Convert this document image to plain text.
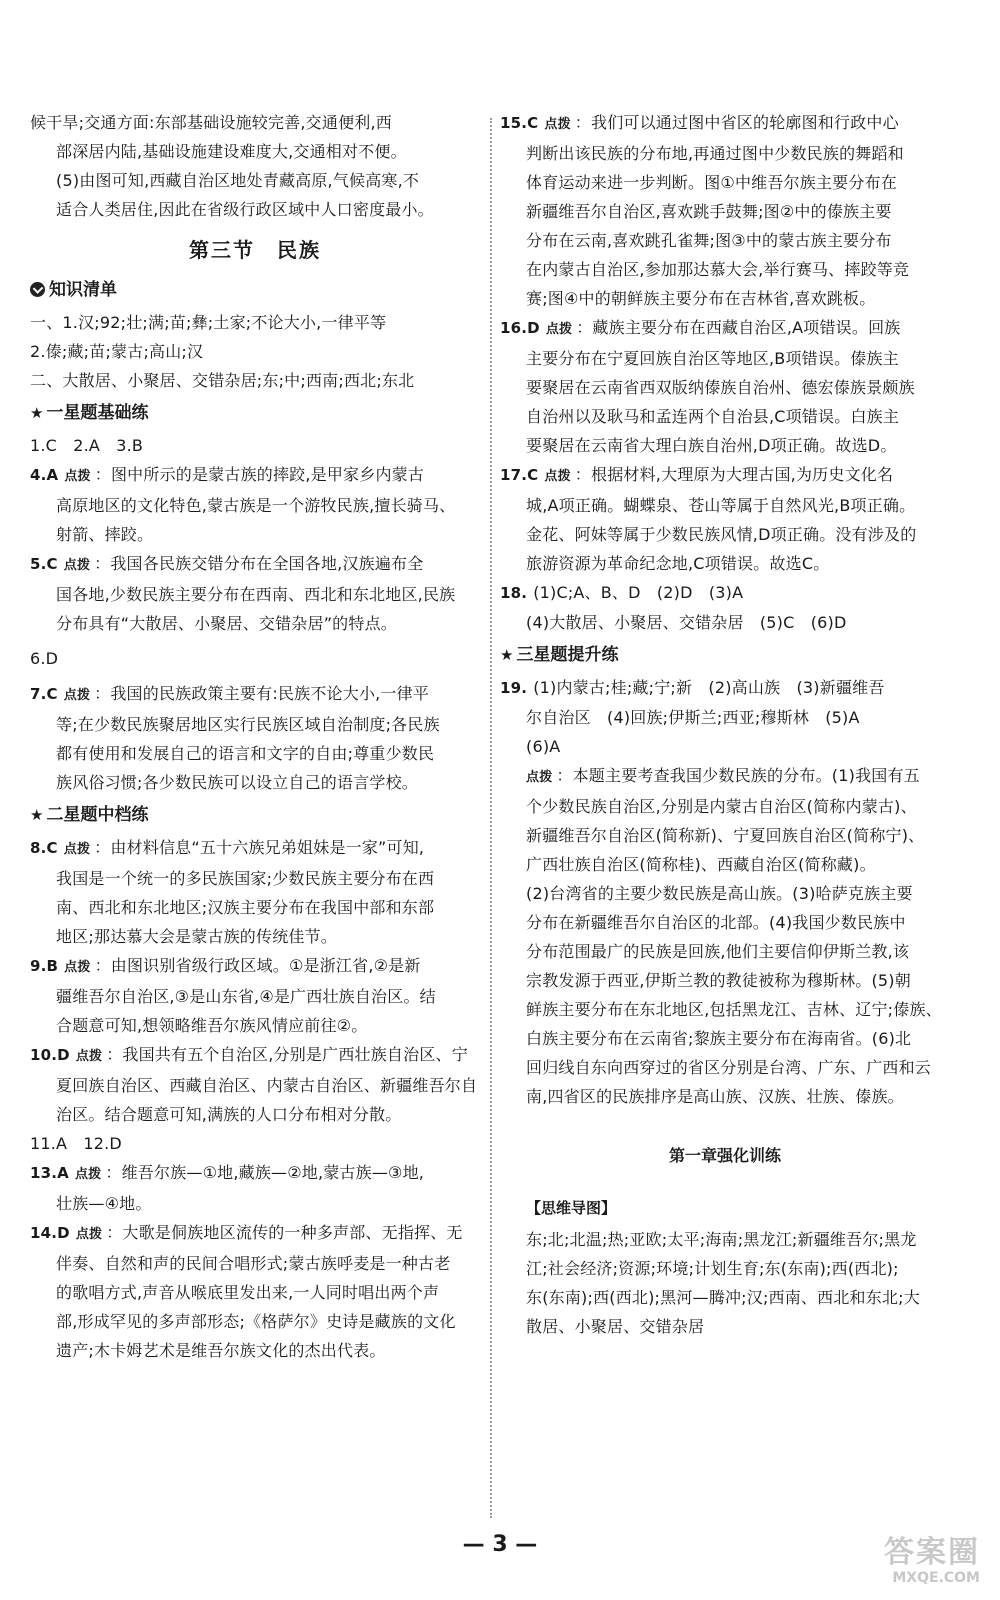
候干旱;交通方面:东部基础设施较完善,交通便利,西

部深居内陆,基础设施建设难度大,交通相对不便。

(5)由图可知,西藏自治区地处青藏高原,气候高寒,不

适合人类居住,因此在省级行政区域中人口密度最小。

第三节　民族
知识清单

一、1.汉;92;壮;满;苗;彝;土家;不论大小,一律平等

2.傣;藏;苗;蒙古;高山;汉

二、大散居、小聚居、交错杂居;东;中;西南;西北;东北

★ 一星题基础练

1.C　2.A　3.B

4.A 点拨 ：图中所示的是蒙古族的摔跤,是甲家乡内蒙古

高原地区的文化特色,蒙古族是一个游牧民族,擅长骑马、

射箭、摔跤。

5.C 点拨 ：我国各民族交错分布在全国各地,汉族遍布全

国各地,少数民族主要分布在西南、西北和东北地区,民族

分布具有“大散居、小聚居、交错杂居”的特点。

6.D

7.C 点拨 ：我国的民族政策主要有:民族不论大小,一律平

等;在少数民族聚居地区实行民族区域自治制度;各民族

都有使用和发展自己的语言和文字的自由;尊重少数民

族风俗习惯;各少数民族可以设立自己的语言学校。

★ 二星题中档练

8.C 点拨 ：由材料信息“五十六族兄弟姐妹是一家”可知,

我国是一个统一的多民族国家;少数民族主要分布在西

南、西北和东北地区;汉族主要分布在我国中部和东部

地区;那达慕大会是蒙古族的传统佳节。

9.B 点拨 ：由图识别省级行政区域。①是浙江省,②是新

疆维吾尔自治区,③是山东省,④是广西壮族自治区。结

合题意可知,想领略维吾尔族风情应前往②。

10.D 点拨 ：我国共有五个自治区,分别是广西壮族自治区、宁

夏回族自治区、西藏自治区、内蒙古自治区、新疆维吾尔自

治区。结合题意可知,满族的人口分布相对分散。

11.A　12.D

13.A 点拨 ：维吾尔族—①地,藏族—②地,蒙古族—③地,

壮族—④地。

14.D 点拨 ：大歌是侗族地区流传的一种多声部、无指挥、无

伴奏、自然和声的民间合唱形式;蒙古族呼麦是一种古老

的歌唱方式,声音从喉底里发出来,一人同时唱出两个声

部,形成罕见的多声部形态;《格萨尔》史诗是藏族的文化

遗产;木卡姆艺术是维吾尔族文化的杰出代表。

15.C 点拨 ：我们可以通过图中省区的轮廓图和行政中心

判断出该民族的分布地,再通过图中少数民族的舞蹈和

体育运动来进一步判断。图①中维吾尔族主要分布在

新疆维吾尔自治区,喜欢跳手鼓舞;图②中的傣族主要

分布在云南,喜欢跳孔雀舞;图③中的蒙古族主要分布

在内蒙古自治区,参加那达慕大会,举行赛马、摔跤等竞

赛;图④中的朝鲜族主要分布在吉林省,喜欢跳板。

16.D 点拨 ：藏族主要分布在西藏自治区,A项错误。回族

主要分布在宁夏回族自治区等地区,B项错误。傣族主

要聚居在云南省西双版纳傣族自治州、德宏傣族景颇族

自治州以及耿马和孟连两个自治县,C项错误。白族主

要聚居在云南省大理白族自治州,D项正确。故选D。

17.C 点拨 ：根据材料,大理原为大理古国,为历史文化名

城,A项正确。蝴蝶泉、苍山等属于自然风光,B项正确。

金花、阿妹等属于少数民族风情,D项正确。没有涉及的

旅游资源为革命纪念地,C项错误。故选C。

18. (1)C;A、B、D　(2)D　(3)A

(4)大散居、小聚居、交错杂居　(5)C　(6)D

★ 三星题提升练

19. (1)内蒙古;桂;藏;宁;新　(2)高山族　(3)新疆维吾

尔自治区　(4)回族;伊斯兰;西亚;穆斯林　(5)A

(6)A

点拨 ：本题主要考查我国少数民族的分布。(1)我国有五

个少数民族自治区,分别是内蒙古自治区(简称内蒙古)、

新疆维吾尔自治区(简称新)、宁夏回族自治区(简称宁)、

广西壮族自治区(简称桂)、西藏自治区(简称藏)。

(2)台湾省的主要少数民族是高山族。(3)哈萨克族主要

分布在新疆维吾尔自治区的北部。(4)我国少数民族中

分布范围最广的民族是回族,他们主要信仰伊斯兰教,该

宗教发源于西亚,伊斯兰教的教徒被称为穆斯林。(5)朝

鲜族主要分布在东北地区,包括黑龙江、吉林、辽宁;傣族、

白族主要分布在云南省;黎族主要分布在海南省。(6)北

回归线自东向西穿过的省区分别是台湾、广东、广西和云

南,四省区的民族排序是高山族、汉族、壮族、傣族。

第一章强化训练
【思维导图】

东;北;北温;热;亚欧;太平;海南;黑龙江;新疆维吾尔;黑龙

江;社会经济;资源;环境;计划生育;东(东南);西(西北);

东(东南);西(西北);黑河—腾冲;汉;西南、西北和东北;大

散居、小聚居、交错杂居

— 3 —	答案圈
MXQE.COM
